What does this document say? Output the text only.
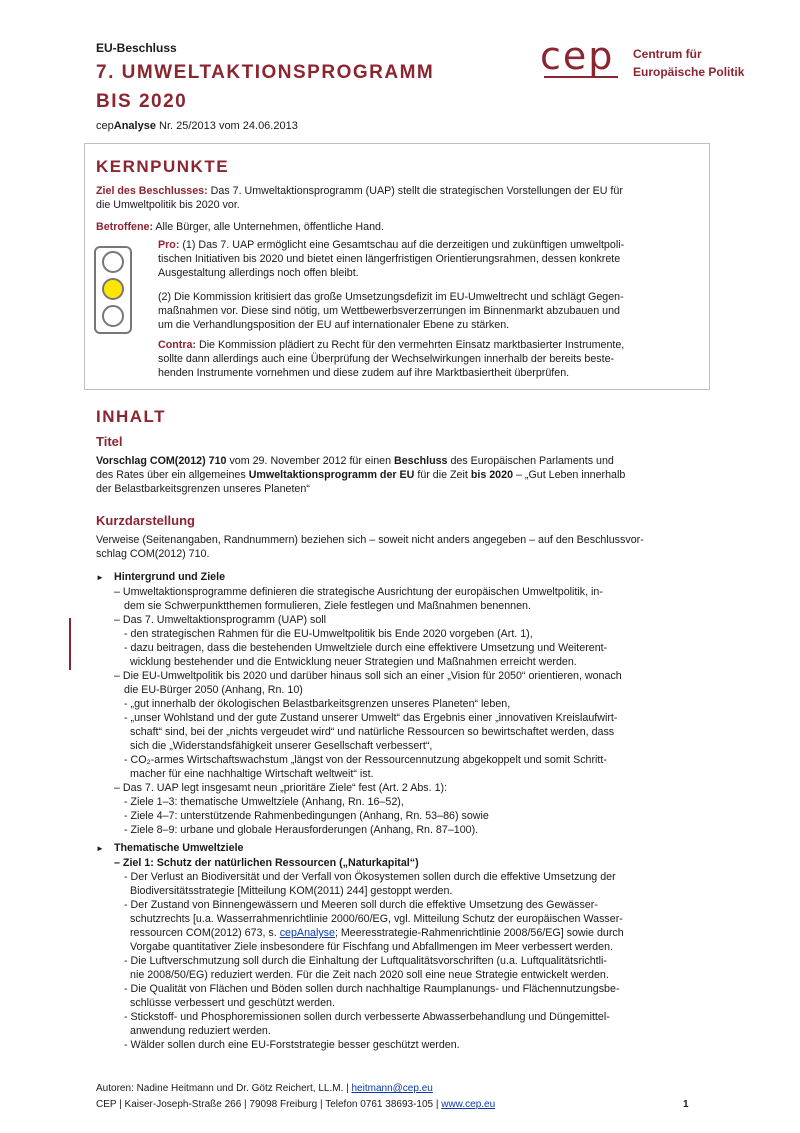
EU-Beschluss
7. UMWELTAKTIONSPROGRAMM
BIS 2020
cepAnalyse Nr. 25/2013 vom 24.06.2013
cep Centrum für
Europäische Politik
KERNPUNKTE
Ziel des Beschlusses: Das 7. Umweltaktionsprogramm (UAP) stellt die strategischen Vorstellungen der EU für
die Umweltpolitik bis 2020 vor.
Betroffene: Alle Bürger, alle Unternehmen, öffentliche Hand.
Pro: (1) Das 7. UAP ermöglicht eine Gesamtschau auf die derzeitigen und zukünftigen umweltpoli-
tischen Initiativen bis 2020 und bietet einen längerfristigen Orientierungsrahmen, dessen konkrete
Ausgestaltung allerdings noch offen bleibt.
(2) Die Kommission kritisiert das große Umsetzungsdefizit im EU-Umweltrecht und schlägt Gegen-
maßnahmen vor. Diese sind nötig, um Wettbewerbsverzerrungen im Binnenmarkt abzubauen und
um die Verhandlungsposition der EU auf internationaler Ebene zu stärken.
Contra: Die Kommission plädiert zu Recht für den vermehrten Einsatz marktbasierter Instrumente,
sollte dann allerdings auch eine Überprüfung der Wechselwirkungen innerhalb der bereits beste-
henden Instrumente vornehmen und diese zudem auf ihre Marktbasiertheit überprüfen.
INHALT
Titel
Vorschlag COM(2012) 710 vom 29. November 2012 für einen Beschluss des Europäischen Parlaments und
des Rates über ein allgemeines Umweltaktionsprogramm der EU für die Zeit bis 2020 – „Gut Leben innerhalb
der Belastbarkeitsgrenzen unseres Planeten“
Kurzdarstellung
Verweise (Seitenangaben, Randnummern) beziehen sich – soweit nicht anders angegeben – auf den Beschlussvor-
schlag COM(2012) 710.
► Hintergrund und Ziele
– Umweltaktionsprogramme definieren die strategische Ausrichtung der europäischen Umweltpolitik, in-
dem sie Schwerpunktthemen formulieren, Ziele festlegen und Maßnahmen benennen.
– Das 7. Umweltaktionsprogramm (UAP) soll
- den strategischen Rahmen für die EU-Umweltpolitik bis Ende 2020 vorgeben (Art. 1),
- dazu beitragen, dass die bestehenden Umweltziele durch eine effektivere Umsetzung und Weiterent-
wicklung bestehender und die Entwicklung neuer Strategien und Maßnahmen erreicht werden.
– Die EU-Umweltpolitik bis 2020 und darüber hinaus soll sich an einer „Vision für 2050“ orientieren, wonach
die EU-Bürger 2050 (Anhang, Rn. 10)
- „gut innerhalb der ökologischen Belastbarkeitsgrenzen unseres Planeten“ leben,
- „unser Wohlstand und der gute Zustand unserer Umwelt“ das Ergebnis einer „innovativen Kreislaufwirt-
schaft“ sind, bei der „nichts vergeudet wird“ und natürliche Ressourcen so bewirtschaftet werden, dass
sich die „Widerstandsfähigkeit unserer Gesellschaft verbessert“,
- CO₂-armes Wirtschaftswachstum „längst von der Ressourcennutzung abgekoppelt und somit Schritt-
macher für eine nachhaltige Wirtschaft weltweit“ ist.
– Das 7. UAP legt insgesamt neun „prioritäre Ziele“ fest (Art. 2 Abs. 1):
- Ziele 1–3: thematische Umweltziele (Anhang, Rn. 16–52),
- Ziele 4–7: unterstützende Rahmenbedingungen (Anhang, Rn. 53–86) sowie
- Ziele 8–9: urbane und globale Herausforderungen (Anhang, Rn. 87–100).
► Thematische Umweltziele
– Ziel 1: Schutz der natürlichen Ressourcen („Naturkapital“)
- Der Verlust an Biodiversität und der Verfall von Ökosystemen sollen durch die effektive Umsetzung der
Biodiversitätsstrategie [Mitteilung KOM(2011) 244] gestoppt werden.
- Der Zustand von Binnengewässern und Meeren soll durch die effektive Umsetzung des Gewässer-
schutzrechts [u.a. Wasserrahmenrichtlinie 2000/60/EG, vgl. Mitteilung Schutz der europäischen Wasser-
ressourcen COM(2012) 673, s. cepAnalyse; Meeresstrategie-Rahmenrichtlinie 2008/56/EG] sowie durch
Vorgabe quantitativer Ziele insbesondere für Fischfang und Abfallmengen im Meer verbessert werden.
- Die Luftverschmutzung soll durch die Einhaltung der Luftqualitätsvorschriften (u.a. Luftqualitätsrichtli-
nie 2008/50/EG) reduziert werden. Für die Zeit nach 2020 soll eine neue Strategie entwickelt werden.
- Die Qualität von Flächen und Böden sollen durch nachhaltige Raumplanungs- und Flächennutzungsbe-
schlüsse verbessert und geschützt werden.
- Stickstoff- und Phosphoremissionen sollen durch verbesserte Abwasserbehandlung und Düngemittel-
anwendung reduziert werden.
- Wälder sollen durch eine EU-Forststrategie besser geschützt werden.
Autoren: Nadine Heitmann und Dr. Götz Reichert, LL.M. | heitmann@cep.eu
CEP | Kaiser-Joseph-Straße 266 | 79098 Freiburg | Telefon 0761 38693-105 | www.cep.eu	1
